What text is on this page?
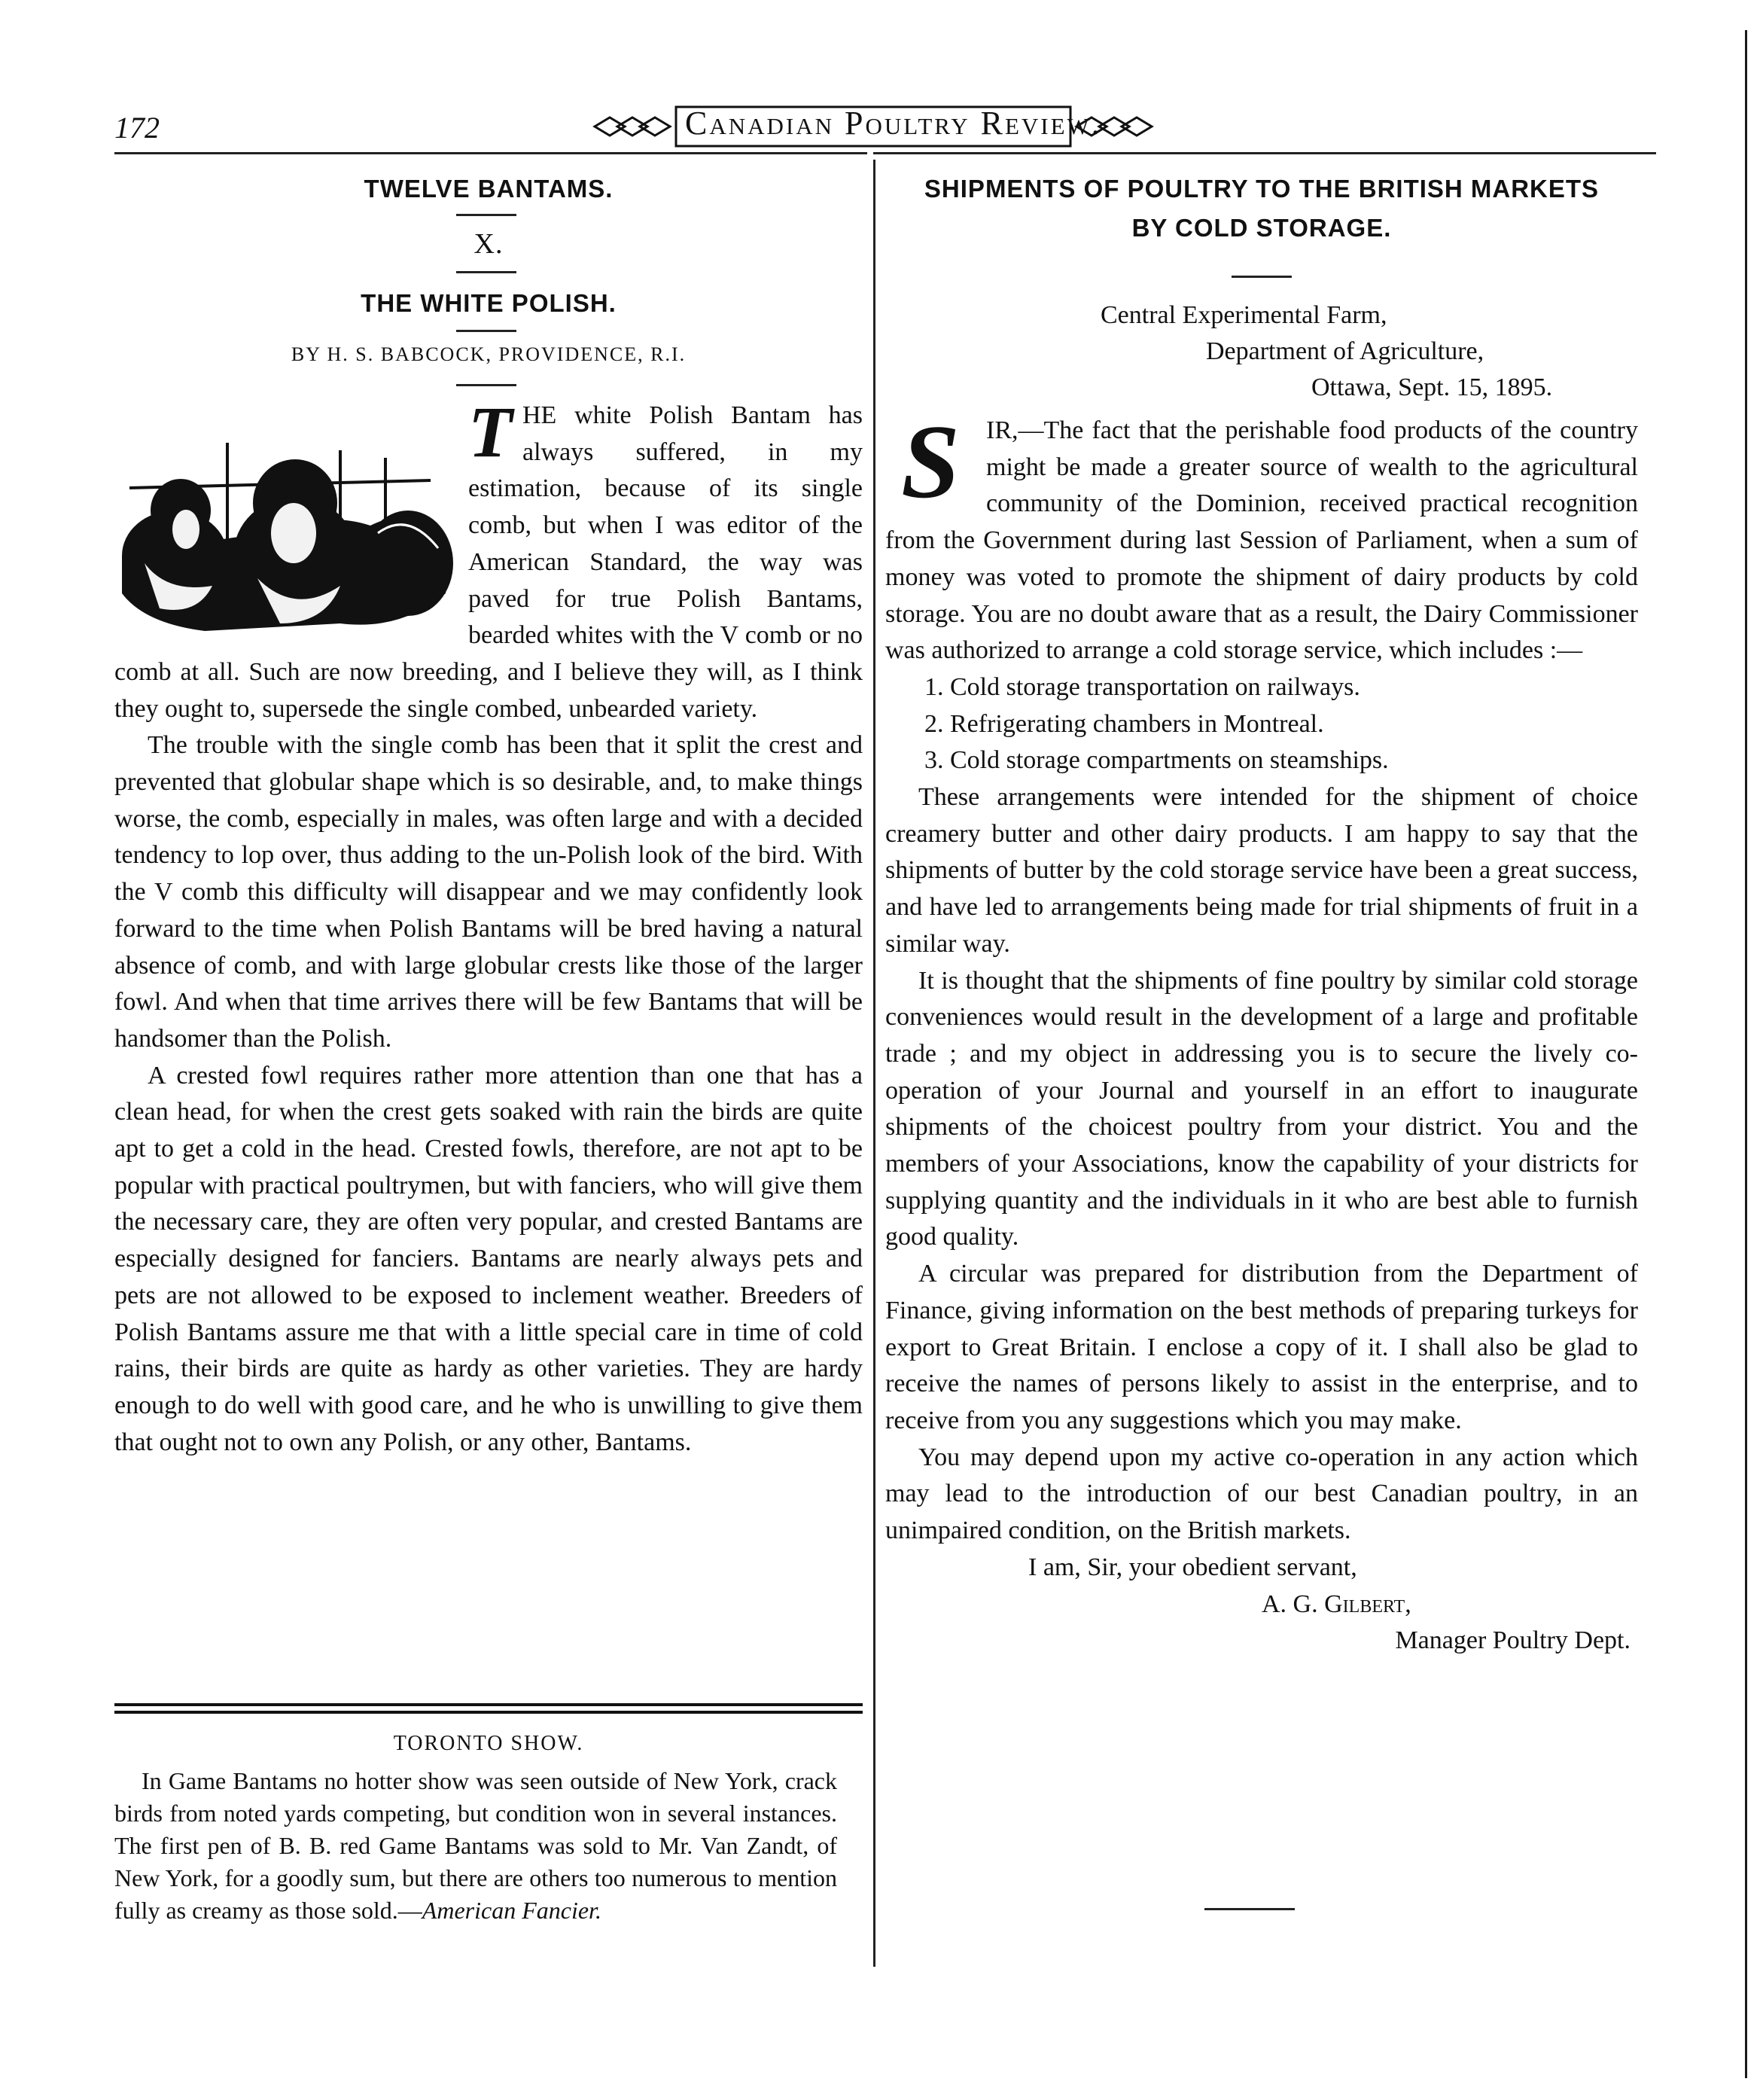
172	Canadian Poultry Review.
TWELVE BANTAMS.
X.
THE WHITE POLISH.
BY H. S. BABCOCK, PROVIDENCE, R.I.

THE white Polish Bantam has always suffered, in my estimation, because of its single comb, but when I was editor of the American Standard, the way was paved for true Polish Bantams, bearded whites with the V comb or no comb at all. Such are now breeding, and I believe they will, as I think they ought to, supersede the single combed, unbearded variety.

The trouble with the single comb has been that it split the crest and prevented that globular shape which is so desirable, and, to make things worse, the comb, especially in males, was often large and with a decided tendency to lop over, thus adding to the un-Polish look of the bird. With the V comb this difficulty will disappear and we may confidently look forward to the time when Polish Bantams will be bred having a natural absence of comb, and with large globular crests like those of the larger fowl. And when that time arrives there will be few Bantams that will be handsomer than the Polish.

A crested fowl requires rather more attention than one that has a clean head, for when the crest gets soaked with rain the birds are quite apt to get a cold in the head. Crested fowls, therefore, are not apt to be popular with practical poultrymen, but with fanciers, who will give them the necessary care, they are often very popular, and crested Bantams are especially designed for fanciers. Bantams are nearly always pets and pets are not allowed to be exposed to inclement weather. Breeders of Polish Bantams assure me that with a little special care in time of cold rains, their birds are quite as hardy as other varieties. They are hardy enough to do well with good care, and he who is unwilling to give them that ought not to own any Polish, or any other, Bantams.

TORONTO SHOW.

In Game Bantams no hotter show was seen outside of New York, crack birds from noted yards competing, but condition won in several instances. The first pen of B. B. red Game Bantams was sold to Mr. Van Zandt, of New York, for a goodly sum, but there are others too numerous to mention fully as creamy as those sold.—American Fancier.

SHIPMENTS OF POULTRY TO THE BRITISH MARKETS
BY COLD STORAGE.
Central Experimental Farm,
Department of Agriculture,
Ottawa, Sept. 15, 1895.

S	IR,—The fact that the perishable food products of the country might be made a greater source of wealth to the agricultural community of the Dominion, received practical recognition from the Government during last Session of Parliament, when a sum of money was voted to promote the shipment of dairy products by cold storage. You are no doubt aware that as a result, the Dairy Commissioner was authorized to arrange a cold storage service, which includes :—

1. Cold storage transportation on railways.

2. Refrigerating chambers in Montreal.

3. Cold storage compartments on steamships.

These arrangements were intended for the shipment of choice creamery butter and other dairy products. I am happy to say that the shipments of butter by the cold storage service have been a great success, and have led to arrangements being made for trial shipments of fruit in a similar way.

It is thought that the shipments of fine poultry by similar cold storage conveniences would result in the development of a large and profitable trade ; and my object in addressing you is to secure the lively co-operation of your Journal and yourself in an effort to inaugurate shipments of the choicest poultry from your district. You and the members of your Associations, know the capability of your districts for supplying quantity and the individuals in it who are best able to furnish good quality.

A circular was prepared for distribution from the Department of Finance, giving information on the best methods of preparing turkeys for export to Great Britain. I enclose a copy of it. I shall also be glad to receive the names of persons likely to assist in the enterprise, and to receive from you any suggestions which you may make.

You may depend upon my active co-operation in any action which may lead to the introduction of our best Canadian poultry, in an unimpaired condition, on the British markets.

I am, Sir, your obedient servant,
A. G. Gilbert,
Manager Poultry Dept.
